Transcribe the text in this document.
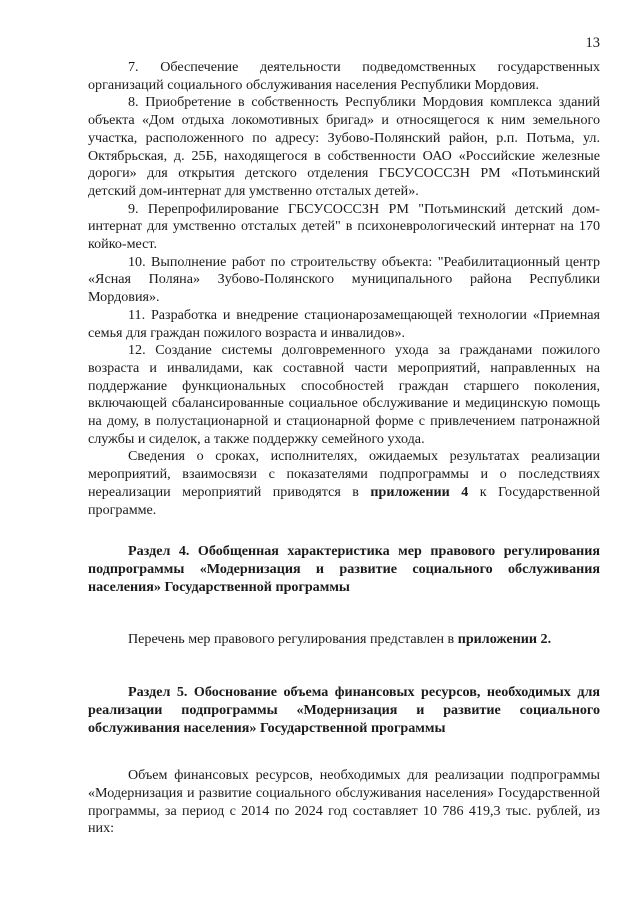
13

7. Обеспечение деятельности подведомственных государственных организаций социального обслуживания населения Республики Мордовия.

8. Приобретение в собственность Республики Мордовия комплекса зданий объекта «Дом отдыха локомотивных бригад» и относящегося к ним земельного участка, расположенного по адресу: Зубово-Полянский район, р.п. Потьма, ул. Октябрьская, д. 25Б, находящегося в собственности ОАО «Российские железные дороги» для открытия детского отделения ГБСУСОССЗН РМ «Потьминский детский дом-интернат для умственно отсталых детей».

9. Перепрофилирование ГБСУСОССЗН РМ "Потьминский детский дом-интернат для умственно отсталых детей" в психоневрологический интернат на 170 койко-мест.

10. Выполнение работ по строительству объекта: "Реабилитационный центр «Ясная Поляна» Зубово-Полянского муниципального района Республики Мордовия».

11. Разработка и внедрение стационарозамещающей технологии «Приемная семья для граждан пожилого возраста и инвалидов».

12. Создание системы долговременного ухода за гражданами пожилого возраста и инвалидами, как составной части мероприятий, направленных на поддержание функциональных способностей граждан старшего поколения, включающей сбалансированные социальное обслуживание и медицинскую помощь на дому, в полустационарной и стационарной форме с привлечением патронажной службы и сиделок, а также поддержку семейного ухода.

Сведения о сроках, исполнителях, ожидаемых результатах реализации мероприятий, взаимосвязи с показателями подпрограммы и о последствиях нереализации мероприятий приводятся в приложении 4 к Государственной программе.

Раздел 4. Обобщенная характеристика мер правового регулирования подпрограммы «Модернизация и развитие социального обслуживания населения» Государственной программы

Перечень мер правового регулирования представлен в приложении 2.

Раздел 5. Обоснование объема финансовых ресурсов, необходимых для реализации подпрограммы «Модернизация и развитие социального обслуживания населения» Государственной программы

Объем финансовых ресурсов, необходимых для реализации подпрограммы «Модернизация и развитие социального обслуживания населения» Государственной программы, за период с 2014 по 2024 год составляет 10 786 419,3 тыс. рублей, из них:
